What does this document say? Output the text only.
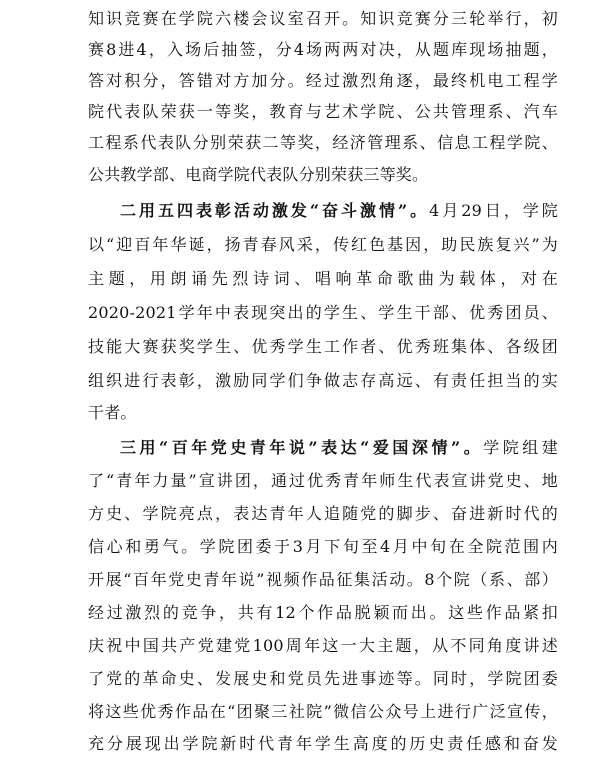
知识竞赛在学院六楼会议室召开。知识竞赛分三轮举行，初
赛8进4，入场后抽签，分4场两两对决，从题库现场抽题，
答对积分，答错对方加分。经过激烈角逐，最终机电工程学
院代表队荣获一等奖，教育与艺术学院、公共管理系、汽车
工程系代表队分别荣获二等奖，经济管理系、信息工程学院、
公共教学部、电商学院代表队分别荣获三等奖。
二用五四表彰活动激发“奋斗激情”。4月29日，学院
以“迎百年华诞，扬青春风采，传红色基因，助民族复兴”为
主题，用朗诵先烈诗词、唱响革命歌曲为载体，对在
2020-2021学年中表现突出的学生、学生干部、优秀团员、
技能大赛获奖学生、优秀学生工作者、优秀班集体、各级团
组织进行表彰，激励同学们争做志存高远、有责任担当的实
干者。
三用“百年党史青年说”表达“爱国深情”。学院组建
了“青年力量”宣讲团，通过优秀青年师生代表宣讲党史、地
方史、学院亮点，表达青年人追随党的脚步、奋进新时代的
信心和勇气。学院团委于3月下旬至4月中旬在全院范围内
开展“百年党史青年说”视频作品征集活动。8个院（系、部）
经过激烈的竞争，共有12个作品脱颖而出。这些作品紧扣
庆祝中国共产党建党100周年这一大主题，从不同角度讲述
了党的革命史、发展史和党员先进事迹等。同时，学院团委
将这些优秀作品在“团聚三社院”微信公众号上进行广泛宣传，
充分展现出学院新时代青年学生高度的历史责任感和奋发
